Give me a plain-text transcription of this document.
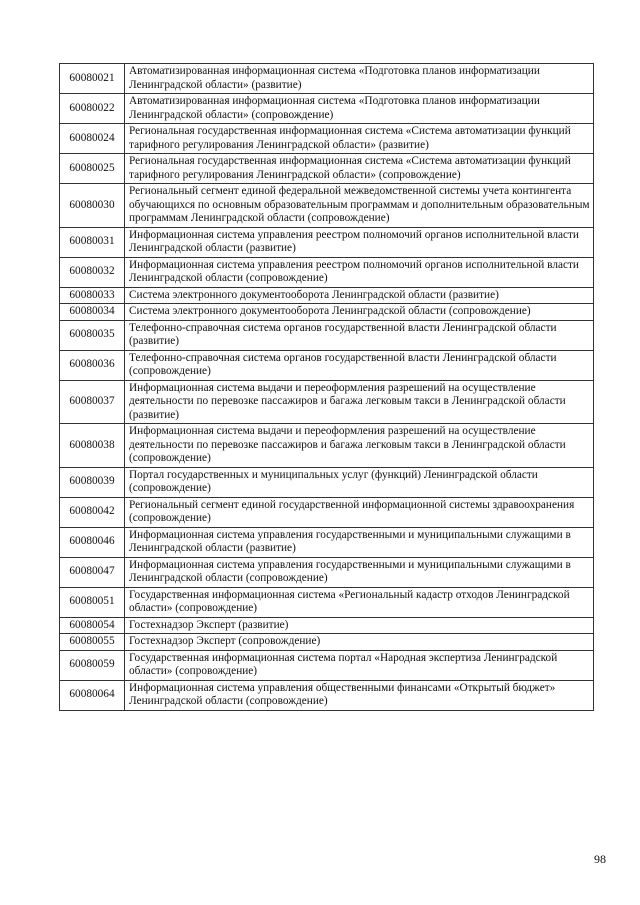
60080021	Автоматизированная информационная система «Подготовка планов информатизации Ленинградской области» (развитие)
60080022	Автоматизированная информационная система «Подготовка планов информатизации Ленинградской области» (сопровождение)
60080024	Региональная государственная информационная система «Система автоматизации функций тарифного регулирования Ленинградской области» (развитие)
60080025	Региональная государственная информационная система «Система автоматизации функций тарифного регулирования Ленинградской области» (сопровождение)
60080030	Региональный сегмент единой федеральной межведомственной системы учета контингента обучающихся по основным образовательным программам и дополнительным образовательным программам Ленинградской области (сопровождение)
60080031	Информационная система управления реестром полномочий органов исполнительной власти Ленинградской области (развитие)
60080032	Информационная система управления реестром полномочий органов исполнительной власти Ленинградской области (сопровождение)
60080033	Система электронного документооборота Ленинградской области (развитие)
60080034	Система электронного документооборота Ленинградской области (сопровождение)
60080035	Телефонно-справочная система органов государственной власти Ленинградской области (развитие)
60080036	Телефонно-справочная система органов государственной власти Ленинградской области (сопровождение)
60080037	Информационная система выдачи и переоформления разрешений на осуществление деятельности по перевозке пассажиров и багажа легковым такси в Ленинградской области (развитие)
60080038	Информационная система выдачи и переоформления разрешений на осуществление деятельности по перевозке пассажиров и багажа легковым такси в Ленинградской области (сопровождение)
60080039	Портал государственных и муниципальных услуг (функций) Ленинградской области (сопровождение)
60080042	Региональный сегмент единой государственной информационной системы здравоохранения (сопровождение)
60080046	Информационная система управления государственными и муниципальными служащими в Ленинградской области (развитие)
60080047	Информационная система управления государственными и муниципальными служащими в Ленинградской области (сопровождение)
60080051	Государственная информационная система «Региональный кадастр отходов Ленинградской области» (сопровождение)
60080054	Гостехнадзор Эксперт (развитие)
60080055	Гостехнадзор Эксперт (сопровождение)
60080059	Государственная информационная система портал «Народная экспертиза Ленинградской области» (сопровождение)
60080064	Информационная система управления общественными финансами «Открытый бюджет» Ленинградской области (сопровождение)
98
